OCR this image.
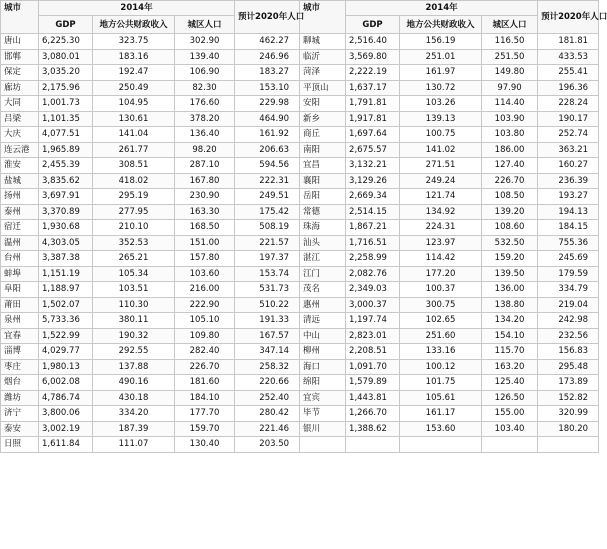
城市	2014年			预计2020年人口	城市	2014年			预计2020年人口
	GDP	地方公共财政收入	城区人口			GDP	地方公共财政收入	城区人口	
唐山	6,225.30	323.75	302.90	462.27	聊城	2,516.40	156.19	116.50	181.81
邯郸	3,080.01	183.16	139.40	246.96	临沂	3,569.80	251.01	251.50	433.53
保定	3,035.20	192.47	106.90	183.27	菏泽	2,222.19	161.97	149.80	255.41
廊坊	2,175.96	250.49	82.30	153.10	平顶山	1,637.17	130.72	97.90	196.36
大同	1,001.73	104.95	176.60	229.98	安阳	1,791.81	103.26	114.40	228.24
吕梁	1,101.35	130.61	378.20	464.90	新乡	1,917.81	139.13	103.90	190.17
大庆	4,077.51	141.04	136.40	161.92	商丘	1,697.64	100.75	103.80	252.74
连云港	1,965.89	261.77	98.20	206.63	南阳	2,675.57	141.02	186.00	363.21
淮安	2,455.39	308.51	287.10	594.56	宜昌	3,132.21	271.51	127.40	160.27
盐城	3,835.62	418.02	167.80	222.31	襄阳	3,129.26	249.24	226.70	236.39
扬州	3,697.91	295.19	230.90	249.51	岳阳	2,669.34	121.74	108.50	193.27
泰州	3,370.89	277.95	163.30	175.42	常德	2,514.15	134.92	139.20	194.13
宿迁	1,930.68	210.10	168.50	508.19	珠海	1,867.21	224.31	108.60	184.15
温州	4,303.05	352.53	151.00	221.57	汕头	1,716.51	123.97	532.50	755.36
台州	3,387.38	265.21	157.80	197.37	湛江	2,258.99	114.42	159.20	245.69
蚌埠	1,151.19	105.34	103.60	153.74	江门	2,082.76	177.20	139.50	179.59
阜阳	1,188.97	103.51	216.00	531.73	茂名	2,349.03	100.37	136.00	334.79
莆田	1,502.07	110.30	222.90	510.22	惠州	3,000.37	300.75	138.80	219.04
泉州	5,733.36	380.11	105.10	191.33	清远	1,197.74	102.65	134.20	242.98
宜春	1,522.99	190.32	109.80	167.57	中山	2,823.01	251.60	154.10	232.56
淄博	4,029.77	292.55	282.40	347.14	柳州	2,208.51	133.16	115.70	156.83
枣庄	1,980.13	137.88	226.70	258.32	海口	1,091.70	100.12	163.20	295.48
烟台	6,002.08	490.16	181.60	220.66	绵阳	1,579.89	101.75	125.40	173.89
潍坊	4,786.74	430.18	184.10	252.40	宜宾	1,443.81	105.61	126.50	152.82
济宁	3,800.06	334.20	177.70	280.42	毕节	1,266.70	161.17	155.00	320.99
泰安	3,002.19	187.39	159.70	221.46	银川	1,388.62	153.60	103.40	180.20
日照	1,611.84	111.07	130.40	203.50					
